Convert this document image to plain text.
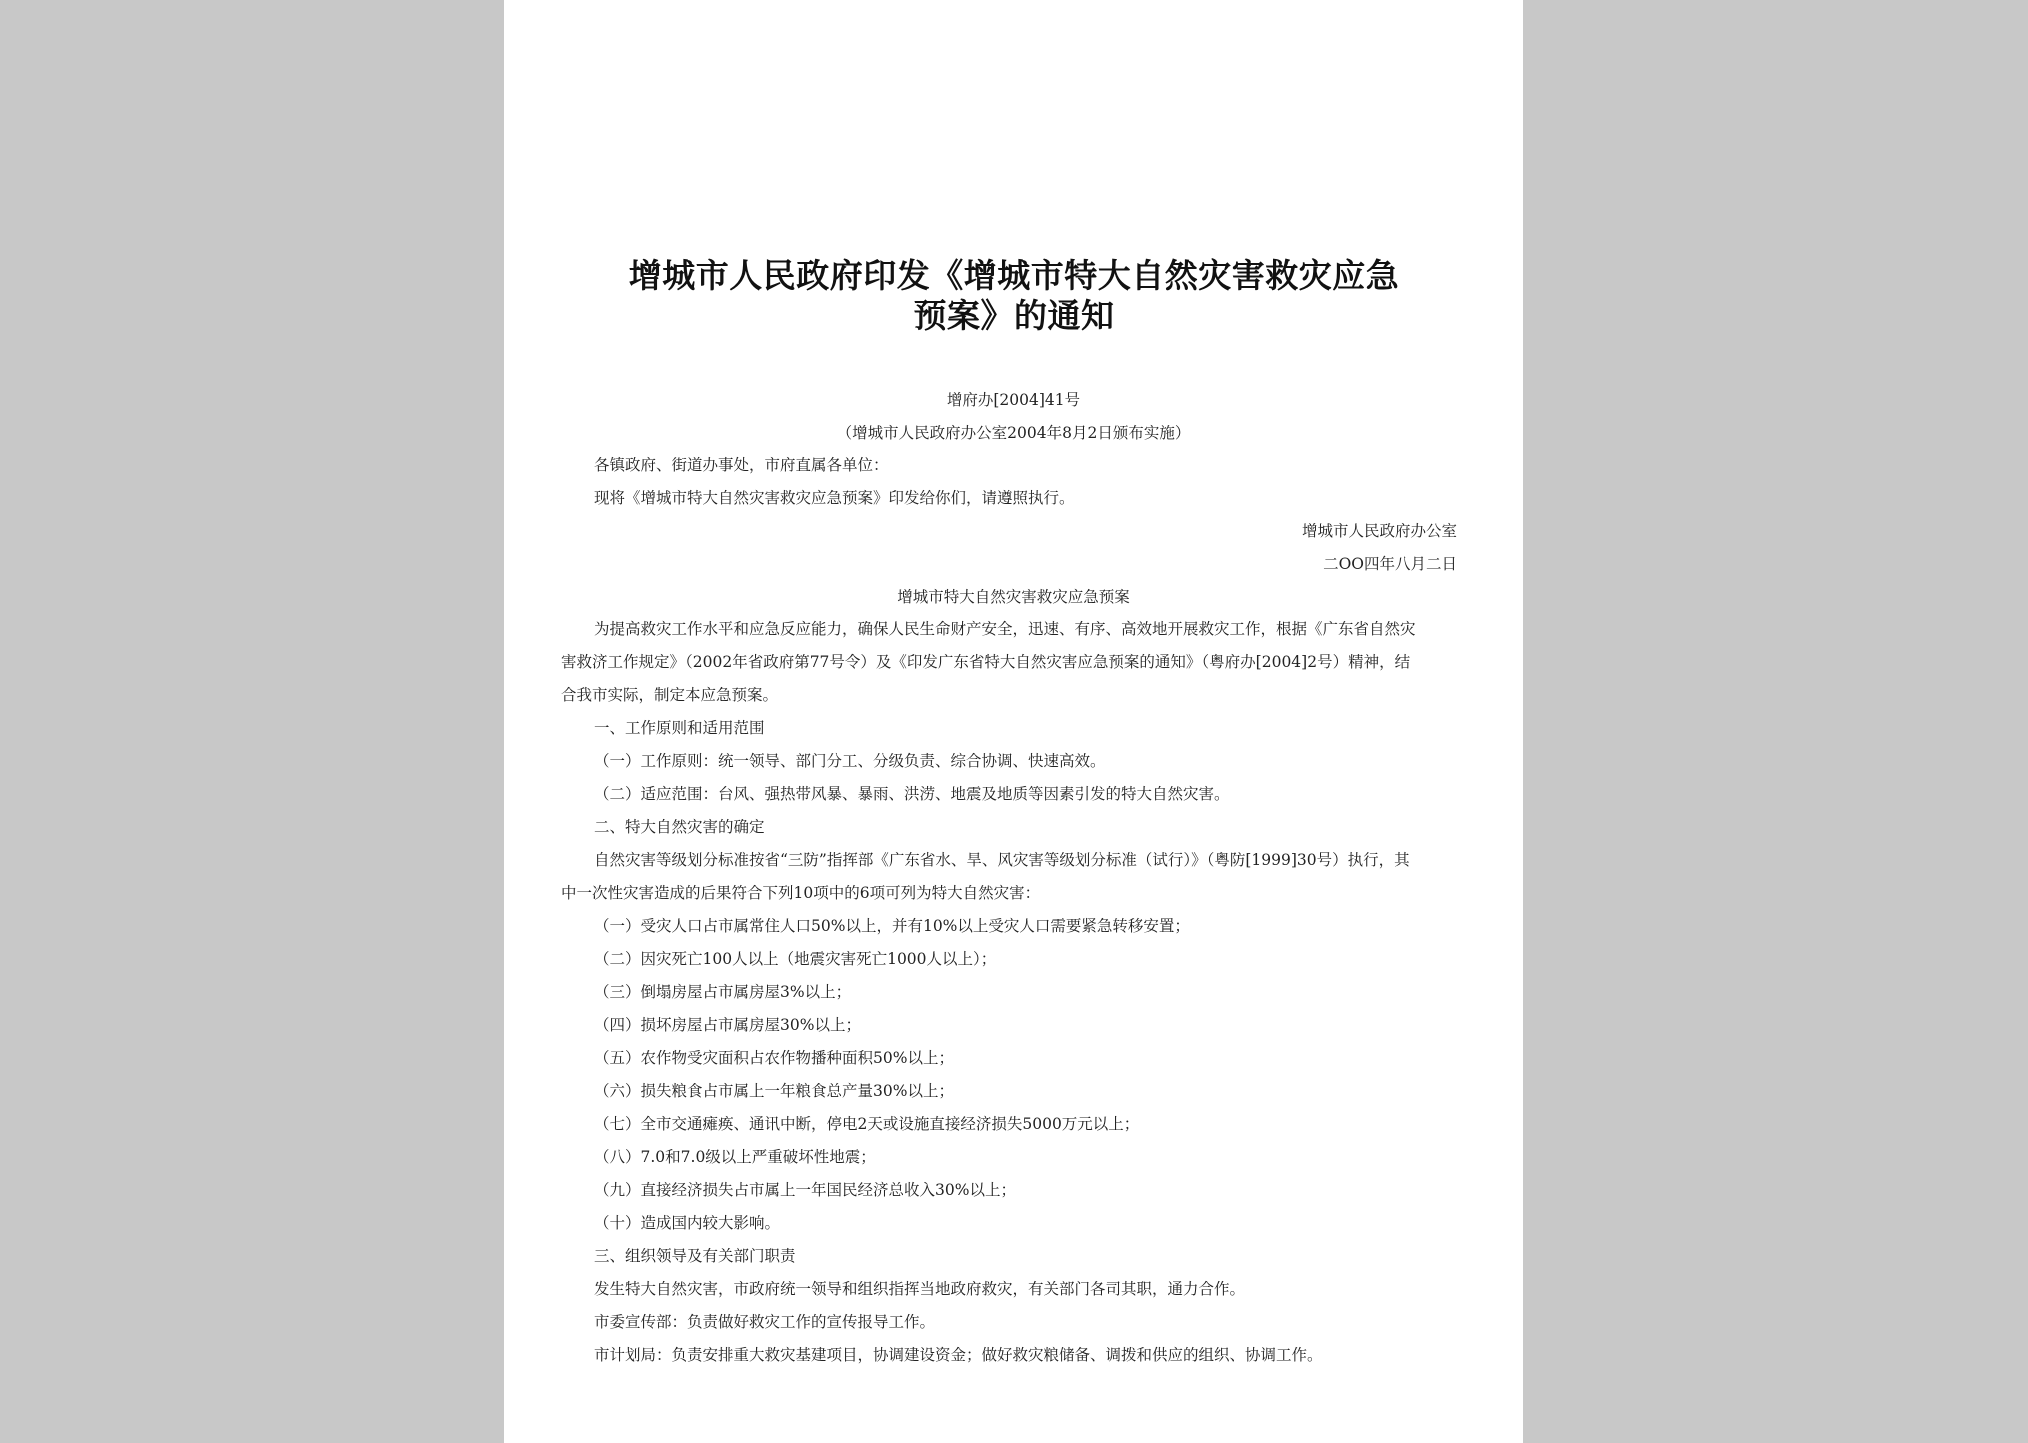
增城市人民政府印发《增城市特大自然灾害救灾应急
预案》的通知
增府办[2004]41号
（增城市人民政府办公室2004年8月2日颁布实施）
各镇政府、街道办事处，市府直属各单位：
现将《增城市特大自然灾害救灾应急预案》印发给你们，请遵照执行。
增城市人民政府办公室
二OO四年八月二日
增城市特大自然灾害救灾应急预案
为提高救灾工作水平和应急反应能力，确保人民生命财产安全，迅速、有序、高效地开展救灾工作，根据《广东省自然灾
害救济工作规定》（2002年省政府第77号令）及《印发广东省特大自然灾害应急预案的通知》（粤府办[2004]2号）精神，结
合我市实际，制定本应急预案。
一、工作原则和适用范围
（一）工作原则：统一领导、部门分工、分级负责、综合协调、快速高效。
（二）适应范围：台风、强热带风暴、暴雨、洪涝、地震及地质等因素引发的特大自然灾害。
二、特大自然灾害的确定
自然灾害等级划分标准按省“三防”指挥部《广东省水、旱、风灾害等级划分标准（试行）》（粤防[1999]30号）执行，其
中一次性灾害造成的后果符合下列10项中的6项可列为特大自然灾害：
（一）受灾人口占市属常住人口50%以上，并有10%以上受灾人口需要紧急转移安置；
（二）因灾死亡100人以上（地震灾害死亡1000人以上）；
（三）倒塌房屋占市属房屋3%以上；
（四）损坏房屋占市属房屋30%以上；
（五）农作物受灾面积占农作物播种面积50%以上；
（六）损失粮食占市属上一年粮食总产量30%以上；
（七）全市交通瘫痪、通讯中断，停电2天或设施直接经济损失5000万元以上；
（八）7.0和7.0级以上严重破坏性地震；
（九）直接经济损失占市属上一年国民经济总收入30%以上；
（十）造成国内较大影响。
三、组织领导及有关部门职责
发生特大自然灾害，市政府统一领导和组织指挥当地政府救灾，有关部门各司其职，通力合作。
市委宣传部：负责做好救灾工作的宣传报导工作。
市计划局：负责安排重大救灾基建项目，协调建设资金；做好救灾粮储备、调拨和供应的组织、协调工作。
